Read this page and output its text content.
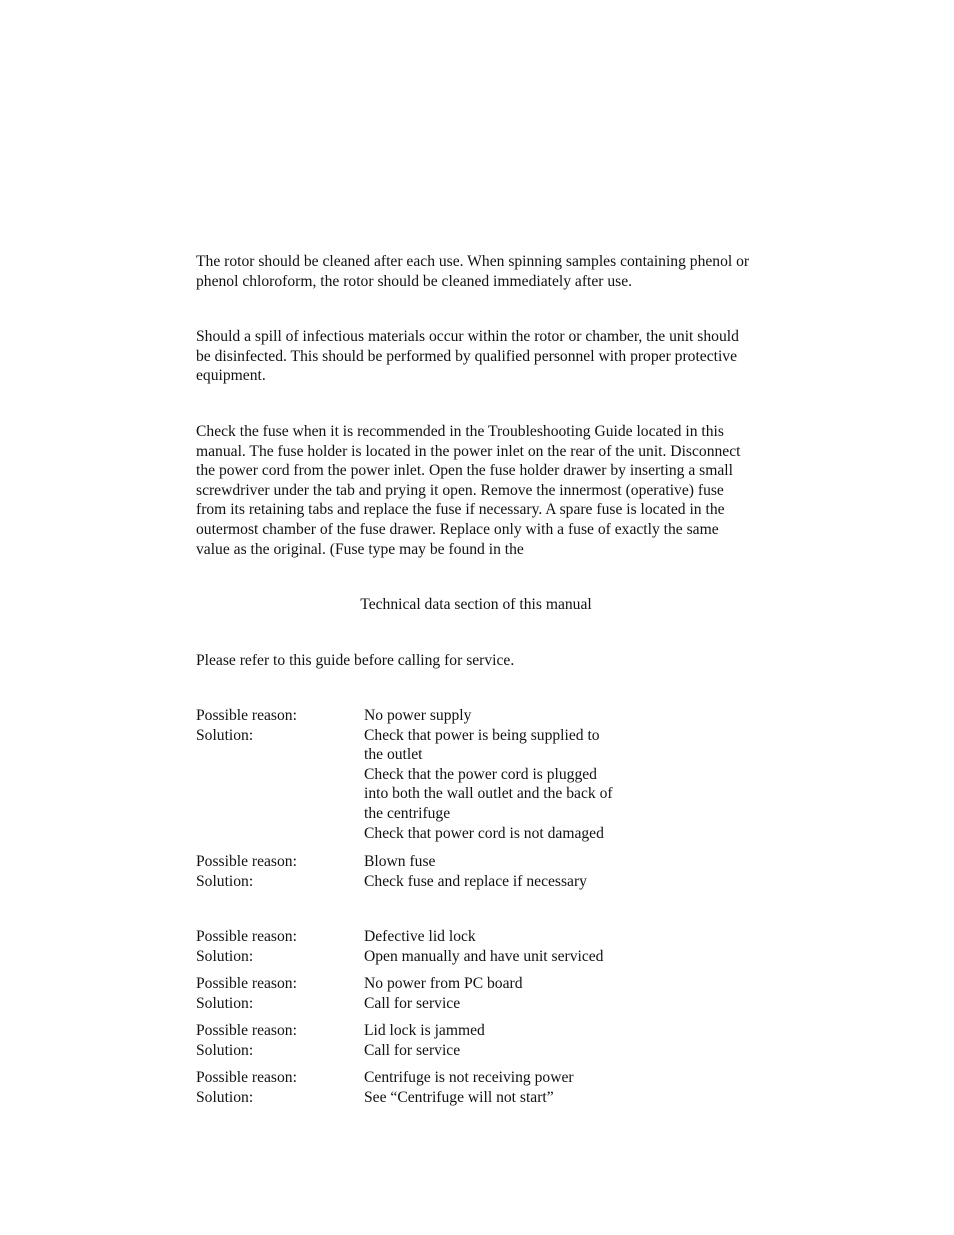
The rotor should be cleaned after each use. When spinning samples containing phenol or
phenol chloroform, the rotor should be cleaned immediately after use.

Should a spill of infectious materials occur within the rotor or chamber, the unit should
be disinfected. This should be performed by qualified personnel with proper protective
equipment.

Check the fuse when it is recommended in the Troubleshooting Guide located in this
manual. The fuse holder is located in the power inlet on the rear of the unit. Disconnect
the power cord from the power inlet. Open the fuse holder drawer by inserting a small
screwdriver under the tab and prying it open. Remove the innermost (operative) fuse
from its retaining tabs and replace the fuse if necessary. A spare fuse is located in the
outermost chamber of the fuse drawer. Replace only with a fuse of exactly the same
value as the original. (Fuse type may be found in the

Technical data section of this manual

Please refer to this guide before calling for service.

Possible reason:	No power supply
Solution:	Check that power is being supplied to
the outlet
Check that the power cord is plugged
into both the wall outlet and the back of
the centrifuge
Check that power cord is not damaged
Possible reason:	Blown fuse
Solution:	Check fuse and replace if necessary
Possible reason:	Defective lid lock
Solution:	Open manually and have unit serviced
Possible reason:	No power from PC board
Solution:	Call for service
Possible reason:	Lid lock is jammed
Solution:	Call for service
Possible reason:	Centrifuge is not receiving power
Solution:	See “Centrifuge will not start”
